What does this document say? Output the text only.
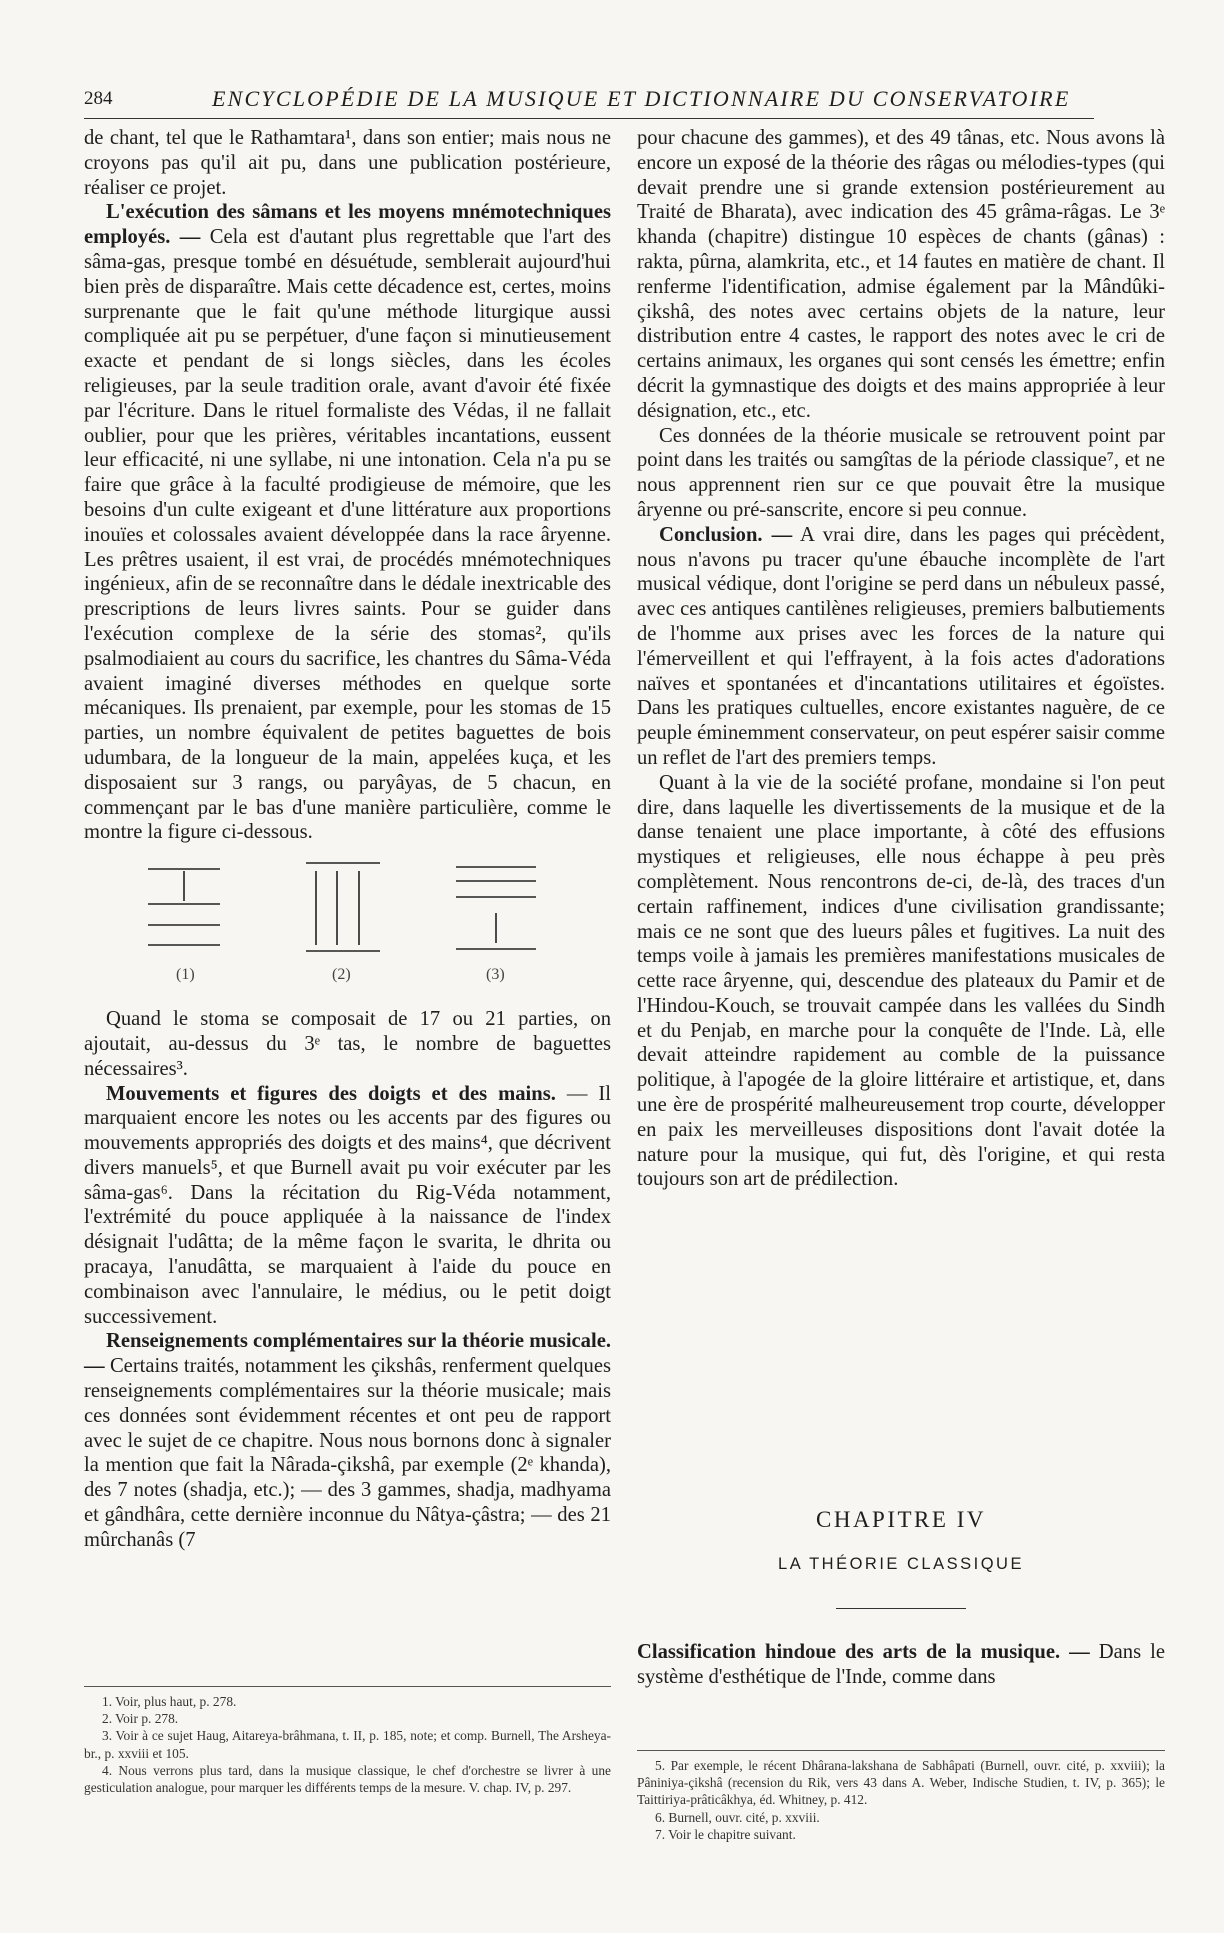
284	ENCYCLOPÉDIE DE LA MUSIQUE ET DICTIONNAIRE DU CONSERVATOIRE

de chant, tel que le Rathamtara¹, dans son entier; mais nous ne croyons pas qu'il ait pu, dans une publication postérieure, réaliser ce projet.

L'exécution des sâmans et les moyens mnémotechniques employés. — Cela est d'autant plus regrettable que l'art des sâma-gas, presque tombé en désuétude, semblerait aujourd'hui bien près de disparaître. Mais cette décadence est, certes, moins surprenante que le fait qu'une méthode liturgique aussi compliquée ait pu se perpétuer, d'une façon si minutieusement exacte et pendant de si longs siècles, dans les écoles religieuses, par la seule tradition orale, avant d'avoir été fixée par l'écriture. Dans le rituel formaliste des Védas, il ne fallait oublier, pour que les prières, véritables incantations, eussent leur efficacité, ni une syllabe, ni une intonation. Cela n'a pu se faire que grâce à la faculté prodigieuse de mémoire, que les besoins d'un culte exigeant et d'une littérature aux proportions inouïes et colossales avaient développée dans la race âryenne. Les prêtres usaient, il est vrai, de procédés mnémotechniques ingénieux, afin de se reconnaître dans le dédale inextricable des prescriptions de leurs livres saints. Pour se guider dans l'exécution complexe de la série des stomas², qu'ils psalmodiaient au cours du sacrifice, les chantres du Sâma-Véda avaient imaginé diverses méthodes en quelque sorte mécaniques. Ils prenaient, par exemple, pour les stomas de 15 parties, un nombre équivalent de petites baguettes de bois udumbara, de la longueur de la main, appelées kuça, et les disposaient sur 3 rangs, ou paryâyas, de 5 chacun, en commençant par le bas d'une manière particulière, comme le montre la figure ci-dessous.

(1)	(2)	(3)

Quand le stoma se composait de 17 ou 21 parties, on ajoutait, au-dessus du 3ᵉ tas, le nombre de baguettes nécessaires³.

Mouvements et figures des doigts et des mains. — Il marquaient encore les notes ou les accents par des figures ou mouvements appropriés des doigts et des mains⁴, que décrivent divers manuels⁵, et que Burnell avait pu voir exécuter par les sâma-gas⁶. Dans la récitation du Rig-Véda notamment, l'extrémité du pouce appliquée à la naissance de l'index désignait l'udâtta; de la même façon le svarita, le dhrita ou pracaya, l'anudâtta, se marquaient à l'aide du pouce en combinaison avec l'annulaire, le médius, ou le petit doigt successivement.

Renseignements complémentaires sur la théorie musicale. — Certains traités, notamment les çikshâs, renferment quelques renseignements complémentaires sur la théorie musicale; mais ces données sont évidemment récentes et ont peu de rapport avec le sujet de ce chapitre. Nous nous bornons donc à signaler la mention que fait la Nârada-çikshâ, par exemple (2ᵉ khanda), des 7 notes (shadja, etc.); — des 3 gammes, shadja, madhyama et gândhâra, cette dernière inconnue du Nâtya-çâstra; — des 21 mûrchanâs (7

pour chacune des gammes), et des 49 tânas, etc. Nous avons là encore un exposé de la théorie des râgas ou mélodies-types (qui devait prendre une si grande extension postérieurement au Traité de Bharata), avec indication des 45 grâma-râgas. Le 3ᵉ khanda (chapitre) distingue 10 espèces de chants (gânas) : rakta, pûrna, alamkrita, etc., et 14 fautes en matière de chant. Il renferme l'identification, admise également par la Mândûki-çikshâ, des notes avec certains objets de la nature, leur distribution entre 4 castes, le rapport des notes avec le cri de certains animaux, les organes qui sont censés les émettre; enfin décrit la gymnastique des doigts et des mains appropriée à leur désignation, etc., etc.

Ces données de la théorie musicale se retrouvent point par point dans les traités ou samgîtas de la période classique⁷, et ne nous apprennent rien sur ce que pouvait être la musique âryenne ou pré-sanscrite, encore si peu connue.

Conclusion. — A vrai dire, dans les pages qui précèdent, nous n'avons pu tracer qu'une ébauche incomplète de l'art musical védique, dont l'origine se perd dans un nébuleux passé, avec ces antiques cantilènes religieuses, premiers balbutiements de l'homme aux prises avec les forces de la nature qui l'émerveillent et qui l'effrayent, à la fois actes d'adorations naïves et spontanées et d'incantations utilitaires et égoïstes. Dans les pratiques cultuelles, encore existantes naguère, de ce peuple éminemment conservateur, on peut espérer saisir comme un reflet de l'art des premiers temps.

Quant à la vie de la société profane, mondaine si l'on peut dire, dans laquelle les divertissements de la musique et de la danse tenaient une place importante, à côté des effusions mystiques et religieuses, elle nous échappe à peu près complètement. Nous rencontrons de-ci, de-là, des traces d'un certain raffinement, indices d'une civilisation grandissante; mais ce ne sont que des lueurs pâles et fugitives. La nuit des temps voile à jamais les premières manifestations musicales de cette race âryenne, qui, descendue des plateaux du Pamir et de l'Hindou-Kouch, se trouvait campée dans les vallées du Sindh et du Penjab, en marche pour la conquête de l'Inde. Là, elle devait atteindre rapidement au comble de la puissance politique, à l'apogée de la gloire littéraire et artistique, et, dans une ère de prospérité malheureusement trop courte, développer en paix les merveilleuses dispositions dont l'avait dotée la nature pour la musique, qui fut, dès l'origine, et qui resta toujours son art de prédilection.

CHAPITRE IV
LA THÉORIE CLASSIQUE
Classification hindoue des arts de la musique. — Dans le système d'esthétique de l'Inde, comme dans

1. Voir, plus haut, p. 278.

2. Voir p. 278.

3. Voir à ce sujet Haug, Aitareya-brâhmana, t. II, p. 185, note; et comp. Burnell, The Arsheya-br., p. xxviii et 105.

4. Nous verrons plus tard, dans la musique classique, le chef d'orchestre se livrer à une gesticulation analogue, pour marquer les différents temps de la mesure. V. chap. IV, p. 297.

5. Par exemple, le récent Dhârana-lakshana de Sabhâpati (Burnell, ouvr. cité, p. xxviii); la Pâniniya-çikshâ (recension du Rik, vers 43 dans A. Weber, Indische Studien, t. IV, p. 365); le Taittiriya-prâticâkhya, éd. Whitney, p. 412.

6. Burnell, ouvr. cité, p. xxviii.

7. Voir le chapitre suivant.
